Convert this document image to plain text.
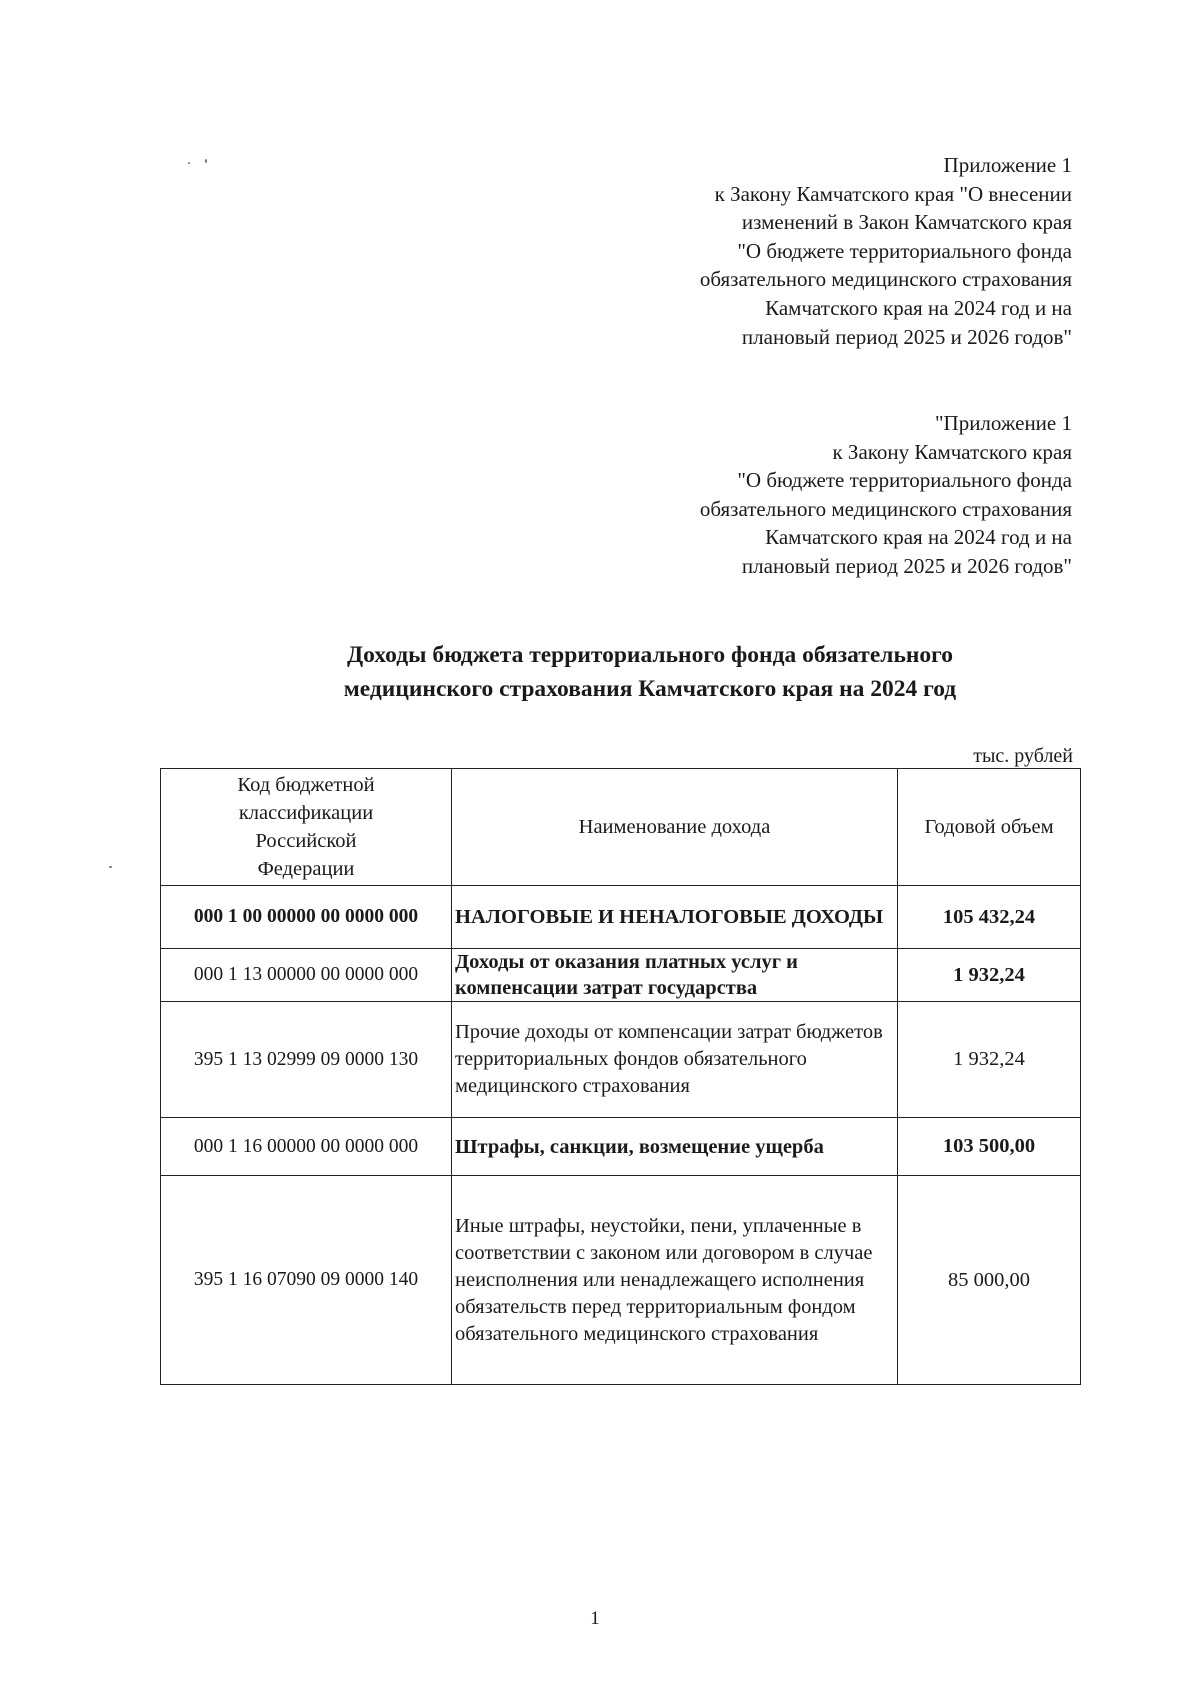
Приложение 1
к Закону Камчатского края "О внесении
изменений в Закон Камчатского края
"О бюджете территориального фонда
обязательного медицинского страхования
Камчатского края на 2024 год и на
плановый период 2025 и 2026 годов"
"Приложение 1
к Закону Камчатского края
"О бюджете территориального фонда
обязательного медицинского страхования
Камчатского края на 2024 год и на
плановый период 2025 и 2026 годов"
Доходы бюджета территориального фонда обязательного
медицинского страхования Камчатского края на 2024 год
тыс. рублей
Код бюджетной классификации Российской Федерации	Наименование дохода	Годовой объем
000 1 00 00000 00 0000 000	НАЛОГОВЫЕ И НЕНАЛОГОВЫЕ ДОХОДЫ	105 432,24
000 1 13 00000 00 0000 000	Доходы от оказания платных услуг и компенсации затрат государства	1 932,24
395 1 13 02999 09 0000 130	Прочие доходы от компенсации затрат бюджетов территориальных фондов обязательного медицинского страхования	1 932,24
000 1 16 00000 00 0000 000	Штрафы, санкции, возмещение ущерба	103 500,00
395 1 16 07090 09 0000 140	Иные штрафы, неустойки, пени, уплаченные в соответствии с законом или договором в случае неисполнения или ненадлежащего исполнения обязательств перед территориальным фондом обязательного медицинского страхования	85 000,00
1
